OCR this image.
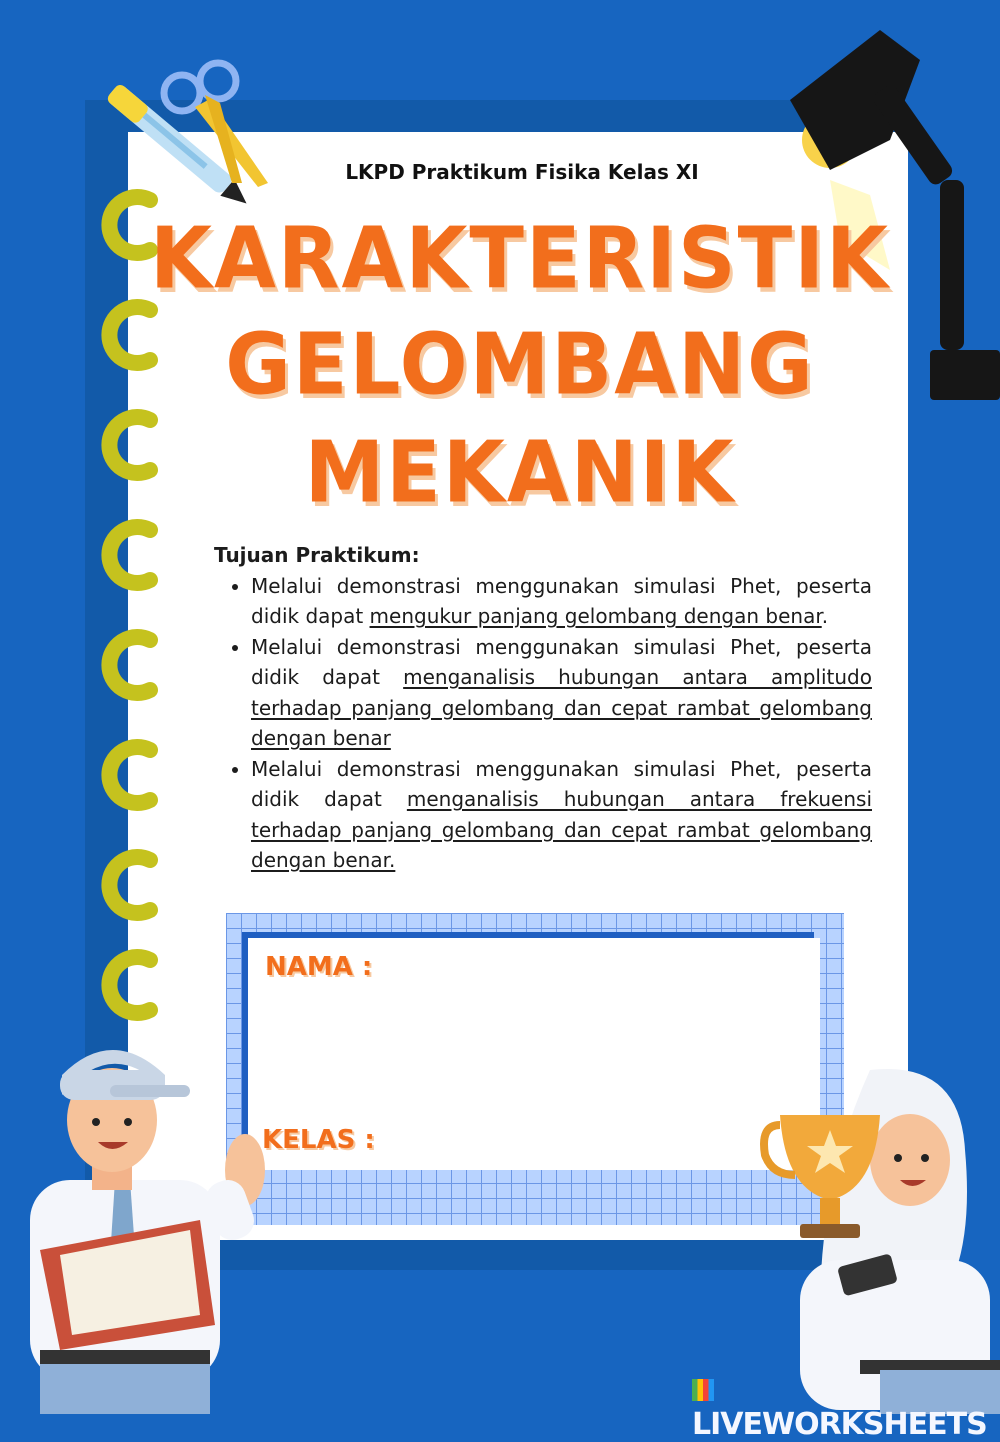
LKPD Praktikum Fisika Kelas XI
KARAKTERISTIK
GELOMBANG
MEKANIK
Tujuan Praktikum:
• Melalui demonstrasi menggunakan simulasi Phet, peserta didik dapat mengukur panjang gelombang dengan benar.
• Melalui demonstrasi menggunakan simulasi Phet, peserta didik dapat menganalisis hubungan antara amplitudo terhadap panjang gelombang dan cepat rambat gelombang dengan benar
• Melalui demonstrasi menggunakan simulasi Phet, peserta didik dapat menganalisis hubungan antara frekuensi terhadap panjang gelombang dan cepat rambat gelombang dengan benar.
NAMA :
KELAS :
LIVEWORKSHEETS
